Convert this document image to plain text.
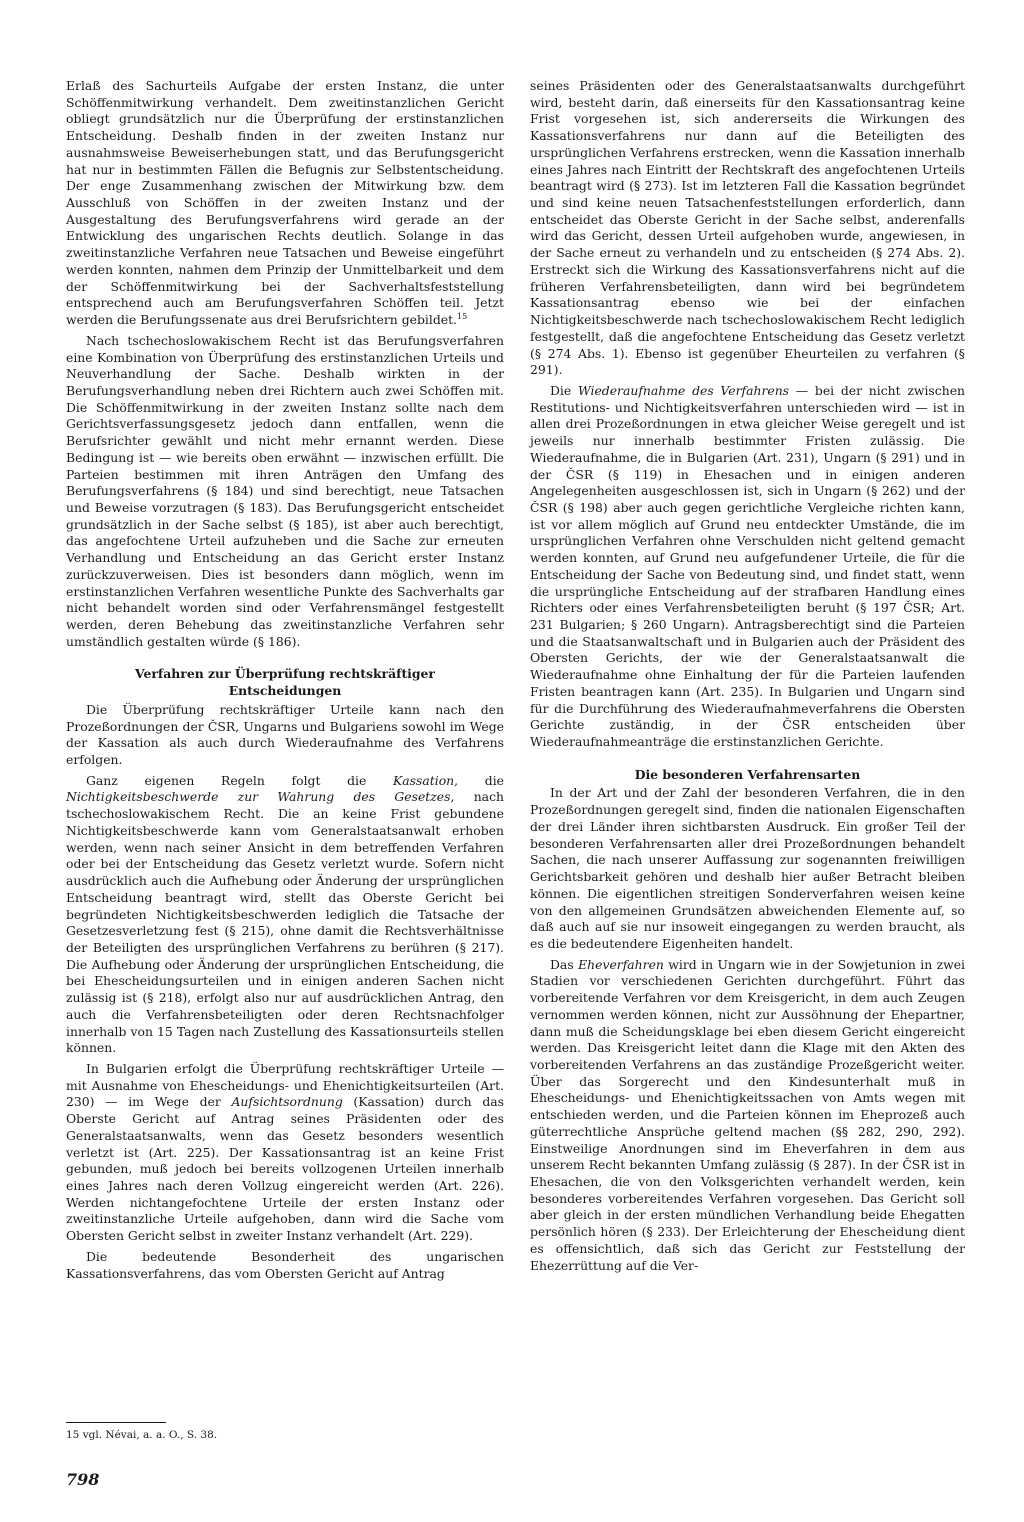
Erlaß des Sachurteils Aufgabe der ersten Instanz, die unter Schöffenmitwirkung verhandelt. Dem zweitinstanzlichen Gericht obliegt grundsätzlich nur die Überprüfung der erstinstanzlichen Entscheidung. Deshalb finden in der zweiten Instanz nur ausnahmsweise Beweiserhebungen statt, und das Berufungsgericht hat nur in bestimmten Fällen die Befugnis zur Selbstentscheidung. Der enge Zusammenhang zwischen der Mitwirkung bzw. dem Ausschluß von Schöffen in der zweiten Instanz und der Ausgestaltung des Berufungsverfahrens wird gerade an der Entwicklung des ungarischen Rechts deutlich. Solange in das zweitinstanzliche Verfahren neue Tatsachen und Beweise eingeführt werden konnten, nahmen dem Prinzip der Unmittelbarkeit und dem der Schöffenmitwirkung bei der Sachverhaltsfeststellung entsprechend auch am Berufungsverfahren Schöffen teil. Jetzt werden die Berufungssenate aus drei Berufsrichtern gebildet.$^{15}$

Nach tschechoslowakischem Recht ist das Berufungsverfahren eine Kombination von Überprüfung des erstinstanzlichen Urteils und Neuverhandlung der Sache. Deshalb wirkten in der Berufungsverhandlung neben drei Richtern auch zwei Schöffen mit. Die Schöffenmitwirkung in der zweiten Instanz sollte nach dem Gerichtsverfassungsgesetz jedoch dann entfallen, wenn die Berufsrichter gewählt und nicht mehr ernannt werden. Diese Bedingung ist — wie bereits oben erwähnt — inzwischen erfüllt. Die Parteien bestimmen mit ihren Anträgen den Umfang des Berufungsverfahrens (§ 184) und sind berechtigt, neue Tatsachen und Beweise vorzutragen (§ 183). Das Berufungsgericht entscheidet grundsätzlich in der Sache selbst (§ 185), ist aber auch berechtigt, das angefochtene Urteil aufzuheben und die Sache zur erneuten Verhandlung und Entscheidung an das Gericht erster Instanz zurückzuverweisen. Dies ist besonders dann möglich, wenn im erstinstanzlichen Verfahren wesentliche Punkte des Sachverhalts gar nicht behandelt worden sind oder Verfahrensmängel festgestellt werden, deren Behebung das zweitinstanzliche Verfahren sehr umständlich gestalten würde (§ 186).

Verfahren zur Überprüfung rechtskräftiger Entscheidungen

Die Überprüfung rechtskräftiger Urteile kann nach den Prozeßordnungen der ČSR, Ungarns und Bulgariens sowohl im Wege der Kassation als auch durch Wiederaufnahme des Verfahrens erfolgen.

Ganz eigenen Regeln folgt die Kassation, die Nichtigkeitsbeschwerde zur Wahrung des Gesetzes, nach tschechoslowakischem Recht. Die an keine Frist gebundene Nichtigkeitsbeschwerde kann vom Generalstaatsanwalt erhoben werden, wenn nach seiner Ansicht in dem betreffenden Verfahren oder bei der Entscheidung das Gesetz verletzt wurde. Sofern nicht ausdrücklich auch die Aufhebung oder Änderung der ursprünglichen Entscheidung beantragt wird, stellt das Oberste Gericht bei begründeten Nichtigkeitsbeschwerden lediglich die Tatsache der Gesetzesverletzung fest (§ 215), ohne damit die Rechtsverhältnisse der Beteiligten des ursprünglichen Verfahrens zu berühren (§ 217). Die Aufhebung oder Änderung der ursprünglichen Entscheidung, die bei Ehescheidungsurteilen und in einigen anderen Sachen nicht zulässig ist (§ 218), erfolgt also nur auf ausdrücklichen Antrag, den auch die Verfahrensbeteiligten oder deren Rechtsnachfolger innerhalb von 15 Tagen nach Zustellung des Kassationsurteils stellen können.

In Bulgarien erfolgt die Überprüfung rechtskräftiger Urteile — mit Ausnahme von Ehescheidungs- und Ehenichtigkeitsurteilen (Art. 230) — im Wege der Aufsichtsordnung (Kassation) durch das Oberste Gericht auf Antrag seines Präsidenten oder des Generalstaatsanwalts, wenn das Gesetz besonders wesentlich verletzt ist (Art. 225). Der Kassationsantrag ist an keine Frist gebunden, muß jedoch bei bereits vollzogenen Urteilen innerhalb eines Jahres nach deren Vollzug eingereicht werden (Art. 226). Werden nichtangefochtene Urteile der ersten Instanz oder zweitinstanzliche Urteile aufgehoben, dann wird die Sache vom Obersten Gericht selbst in zweiter Instanz verhandelt (Art. 229).

Die bedeutende Besonderheit des ungarischen Kassationsverfahrens, das vom Obersten Gericht auf Antrag

seines Präsidenten oder des Generalstaatsanwalts durchgeführt wird, besteht darin, daß einerseits für den Kassationsantrag keine Frist vorgesehen ist, sich andererseits die Wirkungen des Kassationsverfahrens nur dann auf die Beteiligten des ursprünglichen Verfahrens erstrecken, wenn die Kassation innerhalb eines Jahres nach Eintritt der Rechtskraft des angefochtenen Urteils beantragt wird (§ 273). Ist im letzteren Fall die Kassation begründet und sind keine neuen Tatsachenfeststellungen erforderlich, dann entscheidet das Oberste Gericht in der Sache selbst, anderenfalls wird das Gericht, dessen Urteil aufgehoben wurde, angewiesen, in der Sache erneut zu verhandeln und zu entscheiden (§ 274 Abs. 2). Erstreckt sich die Wirkung des Kassationsverfahrens nicht auf die früheren Verfahrensbeteiligten, dann wird bei begründetem Kassationsantrag ebenso wie bei der einfachen Nichtigkeitsbeschwerde nach tschechoslowakischem Recht lediglich festgestellt, daß die angefochtene Entscheidung das Gesetz verletzt (§ 274 Abs. 1). Ebenso ist gegenüber Eheurteilen zu verfahren (§ 291).

Die Wiederaufnahme des Verfahrens — bei der nicht zwischen Restitutions- und Nichtigkeitsverfahren unterschieden wird — ist in allen drei Prozeßordnungen in etwa gleicher Weise geregelt und ist jeweils nur innerhalb bestimmter Fristen zulässig. Die Wiederaufnahme, die in Bulgarien (Art. 231), Ungarn (§ 291) und in der ČSR (§ 119) in Ehesachen und in einigen anderen Angelegenheiten ausgeschlossen ist, sich in Ungarn (§ 262) und der ČSR (§ 198) aber auch gegen gerichtliche Vergleiche richten kann, ist vor allem möglich auf Grund neu entdeckter Umstände, die im ursprünglichen Verfahren ohne Verschulden nicht geltend gemacht werden konnten, auf Grund neu aufgefundener Urteile, die für die Entscheidung der Sache von Bedeutung sind, und findet statt, wenn die ursprüngliche Entscheidung auf der strafbaren Handlung eines Richters oder eines Verfahrensbeteiligten beruht (§ 197 ČSR; Art. 231 Bulgarien; § 260 Ungarn). Antragsberechtigt sind die Parteien und die Staatsanwaltschaft und in Bulgarien auch der Präsident des Obersten Gerichts, der wie der Generalstaatsanwalt die Wiederaufnahme ohne Einhaltung der für die Parteien laufenden Fristen beantragen kann (Art. 235). In Bulgarien und Ungarn sind für die Durchführung des Wiederaufnahmeverfahrens die Obersten Gerichte zuständig, in der ČSR entscheiden über Wiederaufnahmeanträge die erstinstanzlichen Gerichte.

Die besonderen Verfahrensarten

In der Art und der Zahl der besonderen Verfahren, die in den Prozeßordnungen geregelt sind, finden die nationalen Eigenschaften der drei Länder ihren sichtbarsten Ausdruck. Ein großer Teil der besonderen Verfahrensarten aller drei Prozeßordnungen behandelt Sachen, die nach unserer Auffassung zur sogenannten freiwilligen Gerichtsbarkeit gehören und deshalb hier außer Betracht bleiben können. Die eigentlichen streitigen Sonderverfahren weisen keine von den allgemeinen Grundsätzen abweichenden Elemente auf, so daß auch auf sie nur insoweit eingegangen zu werden braucht, als es die bedeutendere Eigenheiten handelt.

Das Eheverfahren wird in Ungarn wie in der Sowjetunion in zwei Stadien vor verschiedenen Gerichten durchgeführt. Führt das vorbereitende Verfahren vor dem Kreisgericht, in dem auch Zeugen vernommen werden können, nicht zur Aussöhnung der Ehepartner, dann muß die Scheidungsklage bei eben diesem Gericht eingereicht werden. Das Kreisgericht leitet dann die Klage mit den Akten des vorbereitenden Verfahrens an das zuständige Prozeßgericht weiter. Über das Sorgerecht und den Kindesunterhalt muß in Ehescheidungs- und Ehenichtigkeitssachen von Amts wegen mit entschieden werden, und die Parteien können im Eheprozeß auch güterrechtliche Ansprüche geltend machen (§§ 282, 290, 292). Einstweilige Anordnungen sind im Eheverfahren in dem aus unserem Recht bekannten Umfang zulässig (§ 287). In der ČSR ist in Ehesachen, die von den Volksgerichten verhandelt werden, kein besonderes vorbereitendes Verfahren vorgesehen. Das Gericht soll aber gleich in der ersten mündlichen Verhandlung beide Ehegatten persönlich hören (§ 233). Der Erleichterung der Ehescheidung dient es offensichtlich, daß sich das Gericht zur Feststellung der Ehezerrüttung auf die Ver-

15 vgl. Névai, a. a. O., S. 38.
798
